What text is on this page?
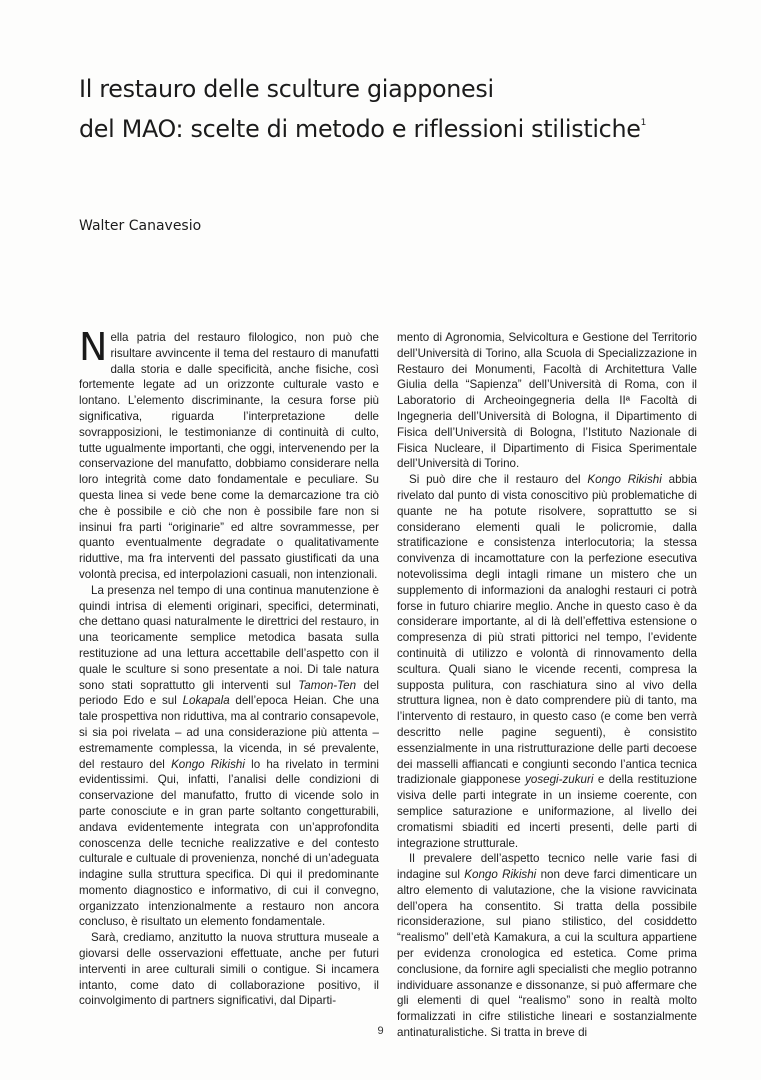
Il restauro delle sculture giapponesi
del MAO: scelte di metodo e riflessioni stilistiche$^1$
Walter Canavesio

Nella patria del restauro filologico, non può che risultare avvincente il tema del restauro di manufatti dalla storia e dalle specificità, anche fisiche, così fortemente legate ad un orizzonte culturale vasto e lontano. L’elemento discriminante, la cesura forse più significativa, riguarda l’interpretazione delle sovrapposizioni, le testimonianze di continuità di culto, tutte ugualmente importanti, che oggi, intervenendo per la conservazione del manufatto, dobbiamo considerare nella loro integrità come dato fondamentale e peculiare. Su questa linea si vede bene come la demarcazione tra ciò che è possibile e ciò che non è possibile fare non si insinui fra parti “originarie” ed altre sovrammesse, per quanto eventualmente degradate o qualitativamente riduttive, ma fra interventi del passato giustificati da una volontà precisa, ed interpolazioni casuali, non intenzionali.

La presenza nel tempo di una continua manutenzione è quindi intrisa di elementi originari, specifici, determinati, che dettano quasi naturalmente le direttrici del restauro, in una teoricamente semplice metodica basata sulla restituzione ad una lettura accettabile dell’aspetto con il quale le sculture si sono presentate a noi. Di tale natura sono stati soprattutto gli interventi sul Tamon-Ten del periodo Edo e sul Lokapala dell’epoca Heian. Che una tale prospettiva non riduttiva, ma al contrario consapevole, si sia poi rivelata – ad una considerazione più attenta – estremamente complessa, la vicenda, in sé prevalente, del restauro del Kongo Rikishi lo ha rivelato in termini evidentissimi. Qui, infatti, l’analisi delle condizioni di conservazione del manufatto, frutto di vicende solo in parte conosciute e in gran parte soltanto congetturabili, andava evidentemente integrata con un’approfondita conoscenza delle tecniche realizzative e del contesto culturale e cultuale di provenienza, nonché di un’adeguata indagine sulla struttura specifica. Di qui il predominante momento diagnostico e informativo, di cui il convegno, organizzato intenzionalmente a restauro non ancora concluso, è risultato un elemento fondamentale.

Sarà, crediamo, anzitutto la nuova struttura museale a giovarsi delle osservazioni effettuate, anche per futuri interventi in aree culturali simili o contigue. Si incamera intanto, come dato di collaborazione positivo, il coinvolgimento di partners significativi, dal Diparti-

mento di Agronomia, Selvicoltura e Gestione del Territorio dell’Università di Torino, alla Scuola di Specializzazione in Restauro dei Monumenti, Facoltà di Architettura Valle Giulia della “Sapienza” dell’Università di Roma, con il Laboratorio di Archeoingegneria della IIª Facoltà di Ingegneria dell’Università di Bologna, il Dipartimento di Fisica dell’Università di Bologna, l’Istituto Nazionale di Fisica Nucleare, il Dipartimento di Fisica Sperimentale dell’Università di Torino.

Si può dire che il restauro del Kongo Rikishi abbia rivelato dal punto di vista conoscitivo più problematiche di quante ne ha potute risolvere, soprattutto se si considerano elementi quali le policromie, dalla stratificazione e consistenza interlocutoria; la stessa convivenza di incamottature con la perfezione esecutiva notevolissima degli intagli rimane un mistero che un supplemento di informazioni da analoghi restauri ci potrà forse in futuro chiarire meglio. Anche in questo caso è da considerare importante, al di là dell’effettiva estensione o compresenza di più strati pittorici nel tempo, l’evidente continuità di utilizzo e volontà di rinnovamento della scultura. Quali siano le vicende recenti, compresa la supposta pulitura, con raschiatura sino al vivo della struttura lignea, non è dato comprendere più di tanto, ma l’intervento di restauro, in questo caso (e come ben verrà descritto nelle pagine seguenti), è consistito essenzialmente in una ristrutturazione delle parti decoese dei masselli affiancati e congiunti secondo l’antica tecnica tradizionale giapponese yosegi-zukuri e della restituzione visiva delle parti integrate in un insieme coerente, con semplice saturazione e uniformazione, al livello dei cromatismi sbiaditi ed incerti presenti, delle parti di integrazione strutturale.

Il prevalere dell’aspetto tecnico nelle varie fasi di indagine sul Kongo Rikishi non deve farci dimenticare un altro elemento di valutazione, che la visione ravvicinata dell’opera ha consentito. Si tratta della possibile riconsiderazione, sul piano stilistico, del cosiddetto “realismo” dell’età Kamakura, a cui la scultura appartiene per evidenza cronologica ed estetica. Come prima conclusione, da fornire agli specialisti che meglio potranno individuare assonanze e dissonanze, si può affermare che gli elementi di quel “realismo” sono in realtà molto formalizzati in cifre stilistiche lineari e sostanzialmente antinaturalistiche. Si tratta in breve di

9
